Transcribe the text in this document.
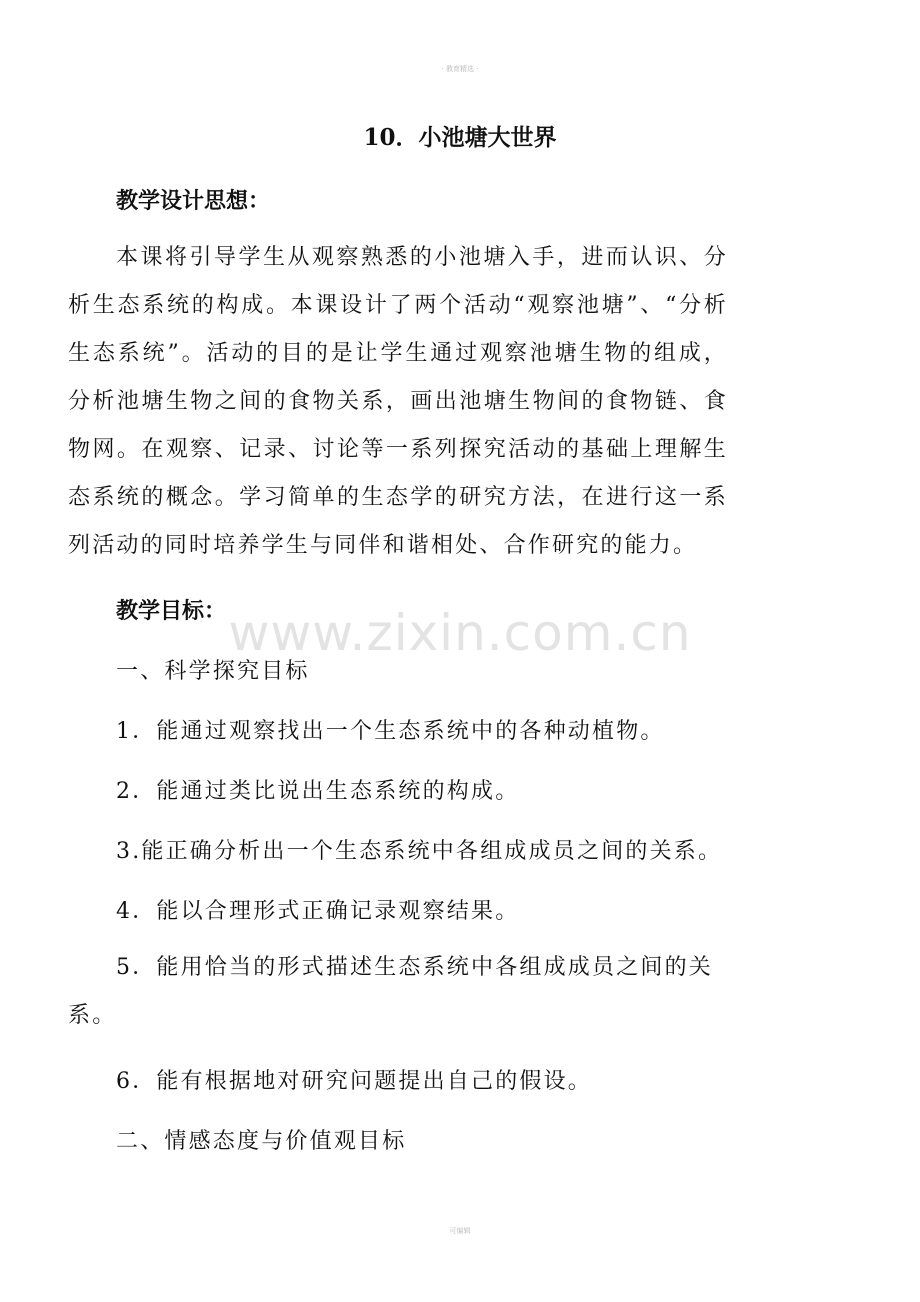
· 教育精选 ·
www.zixin.com.cn
10．小池塘大世界
教学设计思想：

本课将引导学生从观察熟悉的小池塘入手，进而认识、分析生态系统的构成。本课设计了两个活动“观察池塘”、“分析生态系统”。活动的目的是让学生通过观察池塘生物的组成，分析池塘生物之间的食物关系，画出池塘生物间的食物链、食物网。在观察、记录、讨论等一系列探究活动的基础上理解生态系统的概念。学习简单的生态学的研究方法，在进行这一系列活动的同时培养学生与同伴和谐相处、合作研究的能力。

教学目标：

一、科学探究目标

1．能通过观察找出一个生态系统中的各种动植物。

2．能通过类比说出生态系统的构成。

3.能正确分析出一个生态系统中各组成成员之间的关系。

4．能以合理形式正确记录观察结果。

5．能用恰当的形式描述生态系统中各组成成员之间的关系。

6．能有根据地对研究问题提出自己的假设。

二、情感态度与价值观目标

可编辑
